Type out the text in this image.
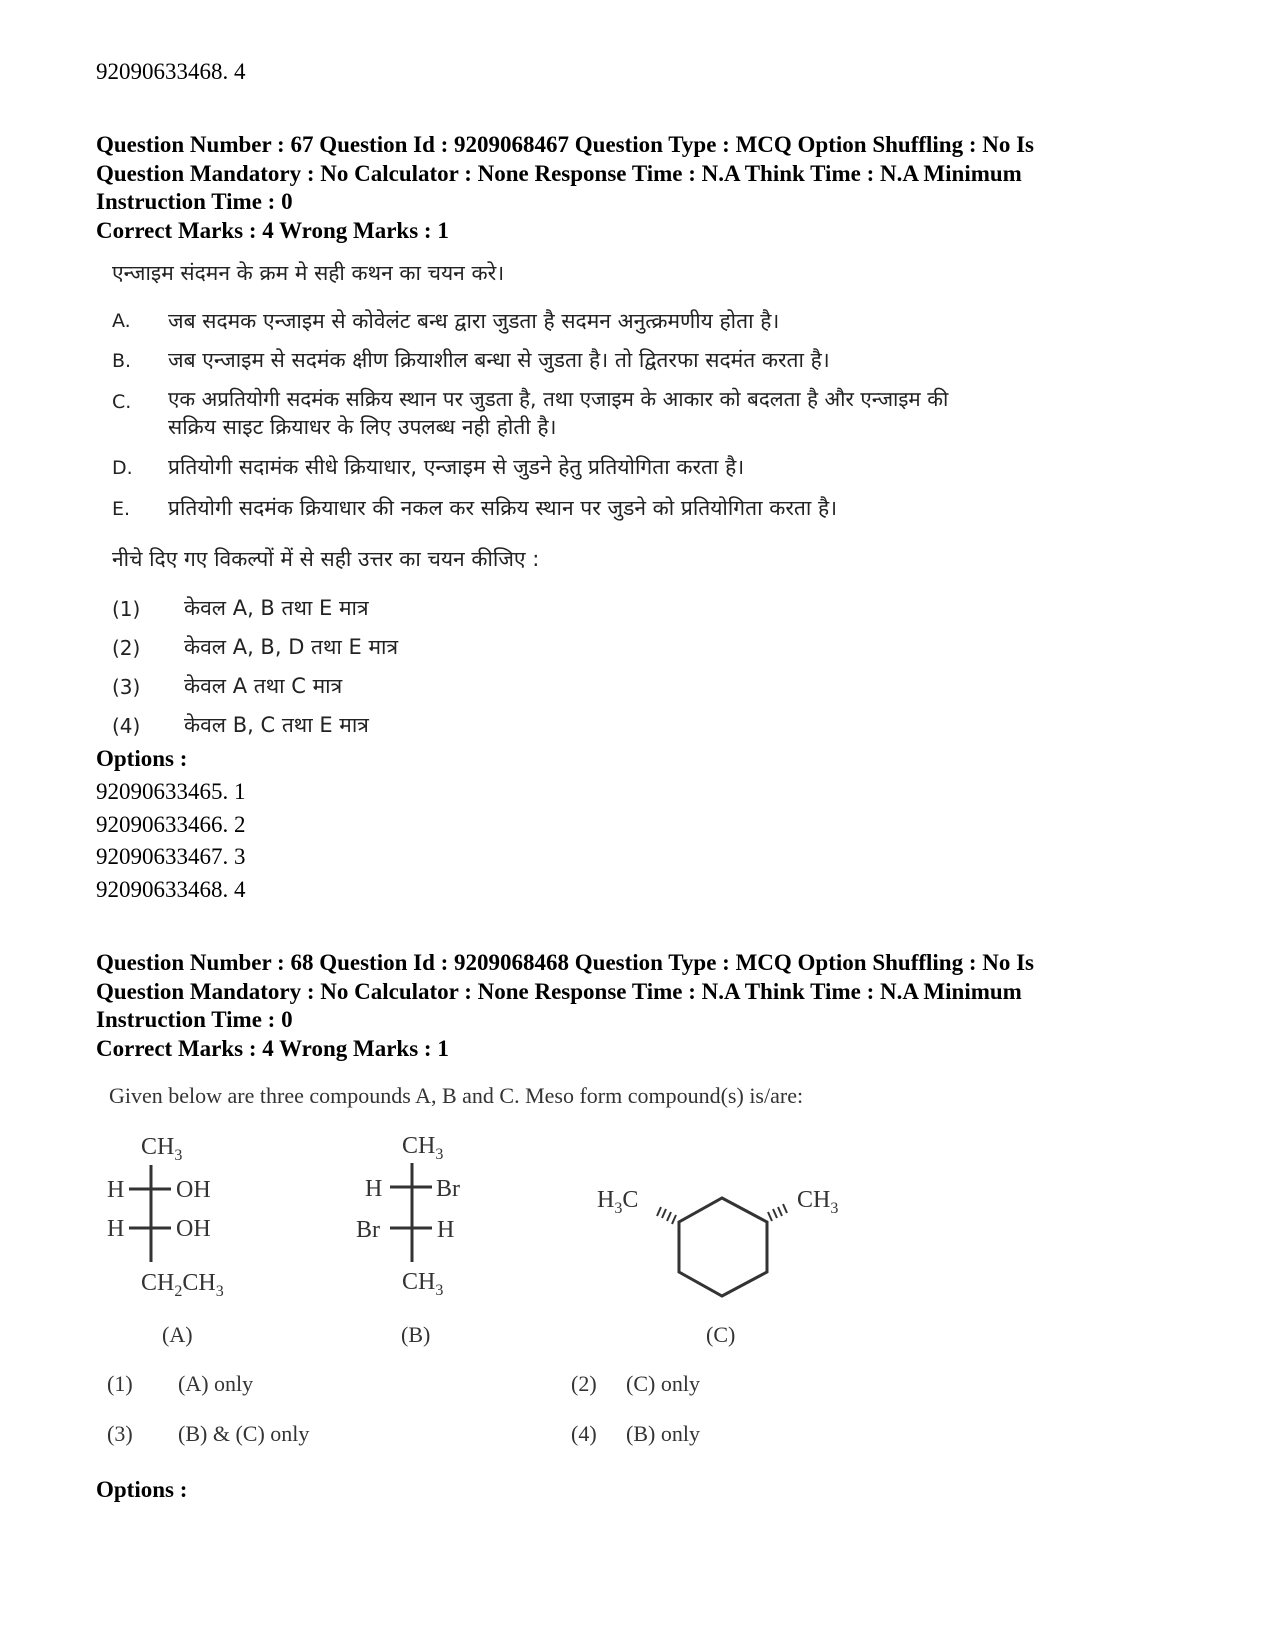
92090633468. 4
Question Number : 67 Question Id : 9209068467 Question Type : MCQ Option Shuffling : No Is
Question Mandatory : No Calculator : None Response Time : N.A Think Time : N.A Minimum
Instruction Time : 0
Correct Marks : 4 Wrong Marks : 1
एन्जाइम संदमन के क्रम मे सही कथन का चयन करे।
A. जब सदमक एन्जाइम से कोवेलंट बन्ध द्वारा जुडता है सदमन अनुत्क्रमणीय होता है।
B. जब एन्जाइम से सदमंक क्षीण क्रियाशील बन्धा से जुडता है। तो द्वितरफा सदमंत करता है।
C. एक अप्रतियोगी सदमंक सक्रिय स्थान पर जुडता है, तथा एजाइम के आकार को बदलता है और एन्जाइम की
सक्रिय साइट क्रियाधर के लिए उपलब्ध नही होती है।
D. प्रतियोगी सदामंक सीधे क्रियाधार, एन्जाइम से जुडने हेतु प्रतियोगिता करता है।
E. प्रतियोगी सदमंक क्रियाधार की नकल कर सक्रिय स्थान पर जुडने को प्रतियोगिता करता है।
नीचे दिए गए विकल्पों में से सही उत्तर का चयन कीजिए :
(1) केवल A, B तथा E मात्र
(2) केवल A, B, D तथा E मात्र
(3) केवल A तथा C मात्र
(4) केवल B, C तथा E मात्र
Options :
92090633465. 1
92090633466. 2
92090633467. 3
92090633468. 4
Question Number : 68 Question Id : 9209068468 Question Type : MCQ Option Shuffling : No Is
Question Mandatory : No Calculator : None Response Time : N.A Think Time : N.A Minimum
Instruction Time : 0
Correct Marks : 4 Wrong Marks : 1
Given below are three compounds A, B and C. Meso form compound(s) is/are:
$CH_3$
H OH
H OH
$CH_2CH_3$
$CH_3$
H Br
Br H
$CH_3$
$H_3C$	$CH_3$
(A)	(B)	(C)
(1) (A) only	(2) (C) only
(3) (B) & (C) only	(4) (B) only
Options :
